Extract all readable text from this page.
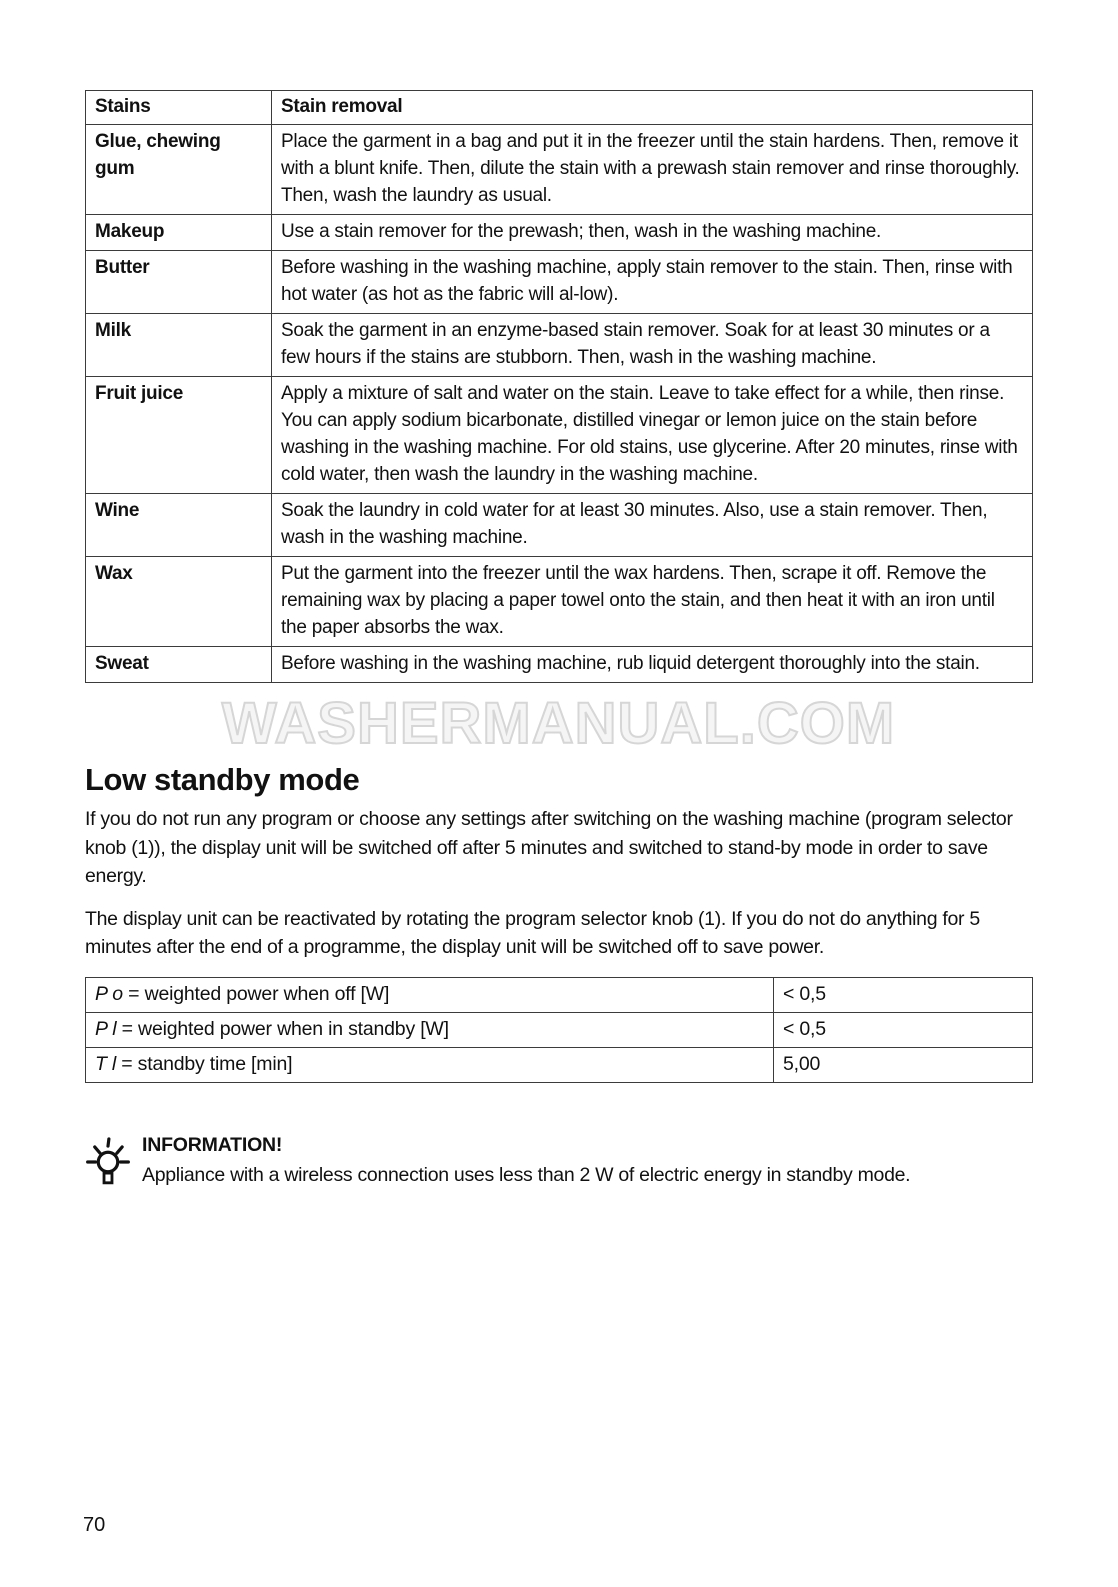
Stains	Stain removal
Glue, chewing gum	Place the garment in a bag and put it in the freezer until the stain hardens. Then, remove it with a blunt knife. Then, dilute the stain with a prewash stain remover and rinse thoroughly. Then, wash the laundry as usual.
Makeup	Use a stain remover for the prewash; then, wash in the washing machine.
Butter	Before washing in the washing machine, apply stain remover to the stain. Then, rinse with hot water (as hot as the fabric will al-low).
Milk	Soak the garment in an enzyme-based stain remover. Soak for at least 30 minutes or a few hours if the stains are stubborn. Then, wash in the washing machine.
Fruit juice	Apply a mixture of salt and water on the stain. Leave to take effect for a while, then rinse. You can apply sodium bicarbonate, distilled vinegar or lemon juice on the stain before washing in the washing machine. For old stains, use glycerine. After 20 minutes, rinse with cold water, then wash the laundry in the washing machine.
Wine	Soak the laundry in cold water for at least 30 minutes. Also, use a stain remover. Then, wash in the washing machine.
Wax	Put the garment into the freezer until the wax hardens. Then, scrape it off. Remove the remaining wax by placing a paper towel onto the stain, and then heat it with an iron until the paper absorbs the wax.
Sweat	Before washing in the washing machine, rub liquid detergent thoroughly into the stain.
WASHERMANUAL.COM
Low standby mode

If you do not run any program or choose any settings after switching on the washing machine (program selector knob (1)), the display unit will be switched off after 5 minutes and switched to stand-by mode in order to save energy.

The display unit can be reactivated by rotating the program selector knob (1). If you do not do anything for 5 minutes after the end of a programme, the display unit will be switched off to save power.

P o = weighted power when off [W]	< 0,5
P l = weighted power when in standby [W]	< 0,5
T l = standby time [min]	5,00
INFORMATION!
Appliance with a wireless connection uses less than 2 W of electric energy in standby mode.
70
